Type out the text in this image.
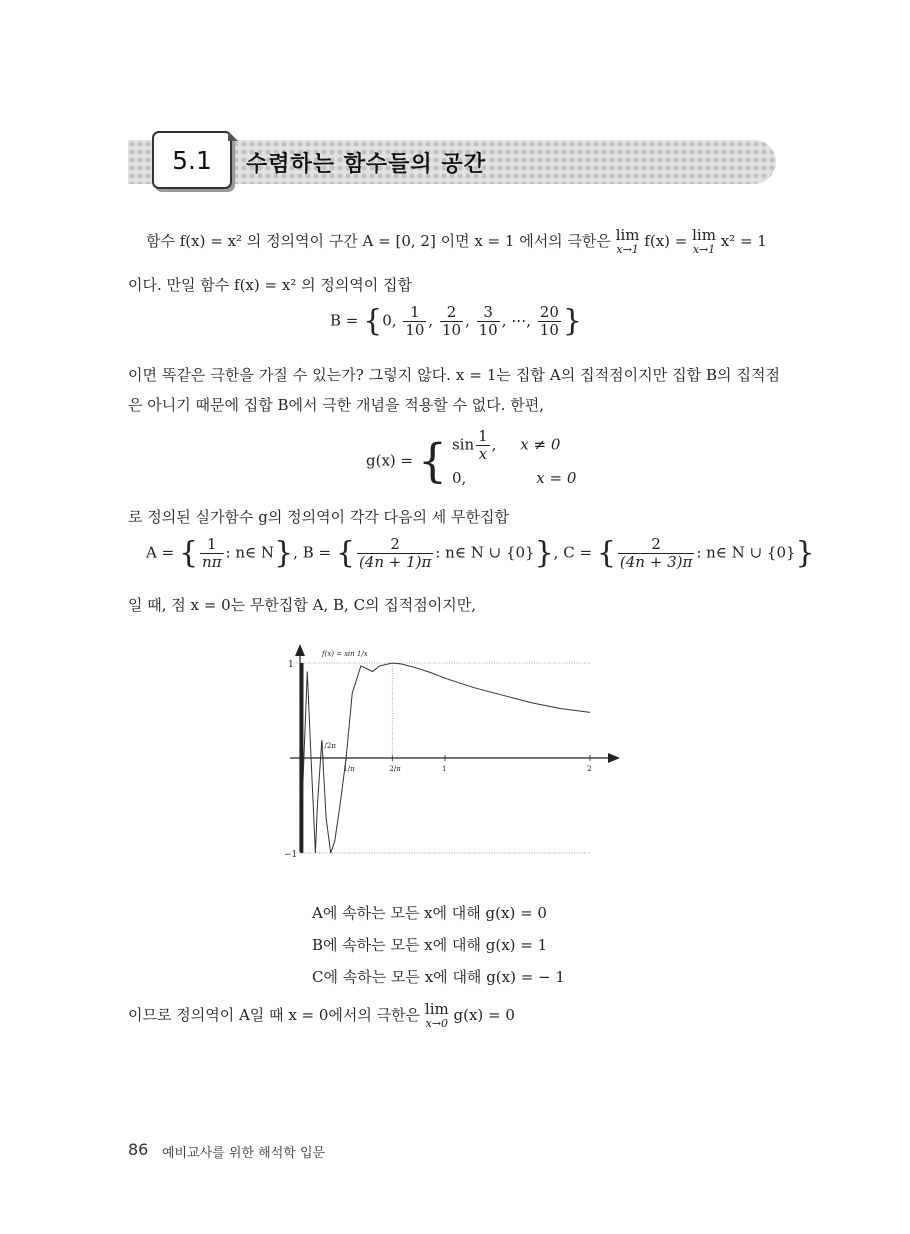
5.1	수렴하는 함수들의 공간
함수 f(x) = x² 의 정의역이 구간 A = [0, 2] 이면 x = 1 에서의 극한은 lim
x→1 f(x) = lim
x→1 x² = 1
이다. 만일 함수 f(x) = x² 의 정의역이 집합
B = {0, $\frac{1}{10}$ , $\frac{2}{10}$ , $\frac{3}{10}$ , ⋯, $\frac{20}{10}$ }
이면 똑같은 극한을 가질 수 있는가? 그렇지 않다. x = 1는 집합 A의 집적점이지만 집합 B의 집적점은 아니기 때문에 집합 B에서 극한 개념을 적용할 수 없다. 한편,
g(x) = { $\sin \frac{1}{x}$ ,     x ≠ 0
0,	x = 0
로 정의된 실가함수 g의 정의역이 각각 다음의 세 무한집합
A = { $\frac{1}{n\pi}$ : n∈ N}, B = { $\frac{2}{(4n + 1)\pi}$ : n∈ N ∪ {0}}, C = { $\frac{2}{(4n + 3)\pi}$ : n∈ N ∪ {0}}
일 때, 점 x = 0는 무한집합 A, B, C의 집적점이지만,
1
−1
1/2π
1/π	2/π	1	2
f(x) = sin 1/x
A에 속하는 모든 x에 대해 g(x) = 0
B에 속하는 모든 x에 대해 g(x) = 1
C에 속하는 모든 x에 대해 g(x) = − 1
이므로 정의역이 A일 때 x = 0에서의 극한은 lim
x→0 g(x) = 0
86 예비교사를 위한 해석학 입문
